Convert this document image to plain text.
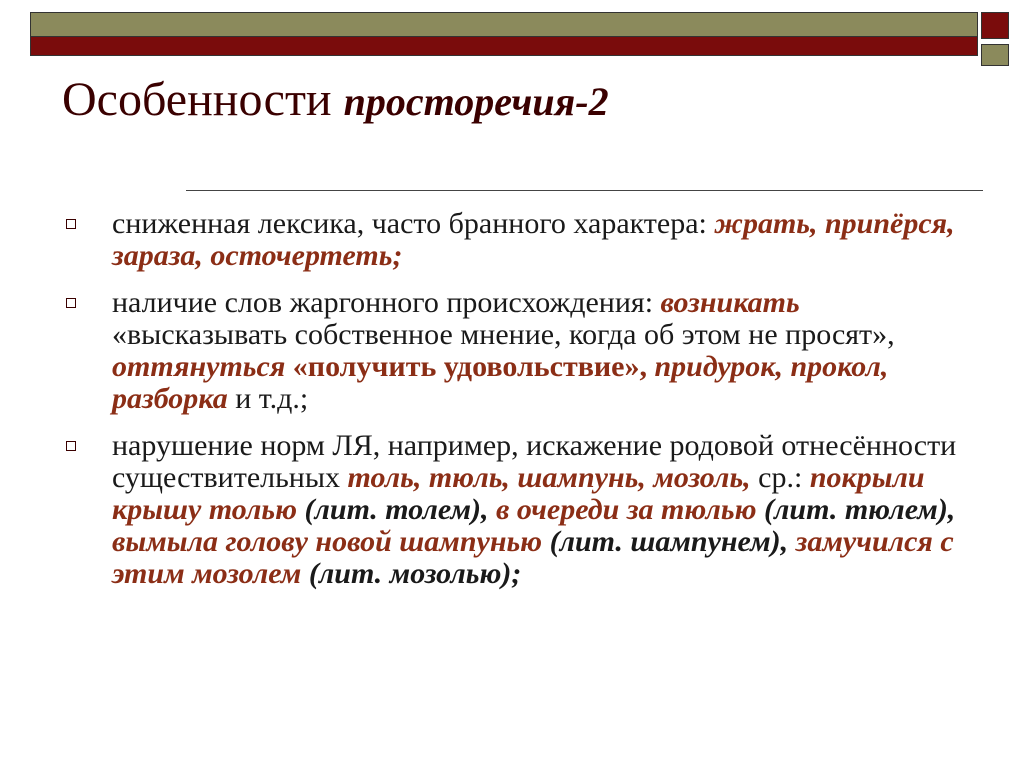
Особенности просторечия-2
сниженная лексика, часто бранного характера: жрать, припёрся, зараза, осточертеть;
наличие слов жаргонного происхождения: возникать «высказывать собственное мнение, когда об этом не просят», оттянуться «получить удовольствие», придурок, прокол, разборка и т.д.;
нарушение норм ЛЯ, например, искажение родовой отнесённости существительных толь, тюль, шампунь, мозоль, ср.: покрыли крышу толью (лит. толем), в очереди за тюлью (лит. тюлем), вымыла голову новой шампунью (лит. шампунем), замучился с этим мозолем (лит. мозолью);
